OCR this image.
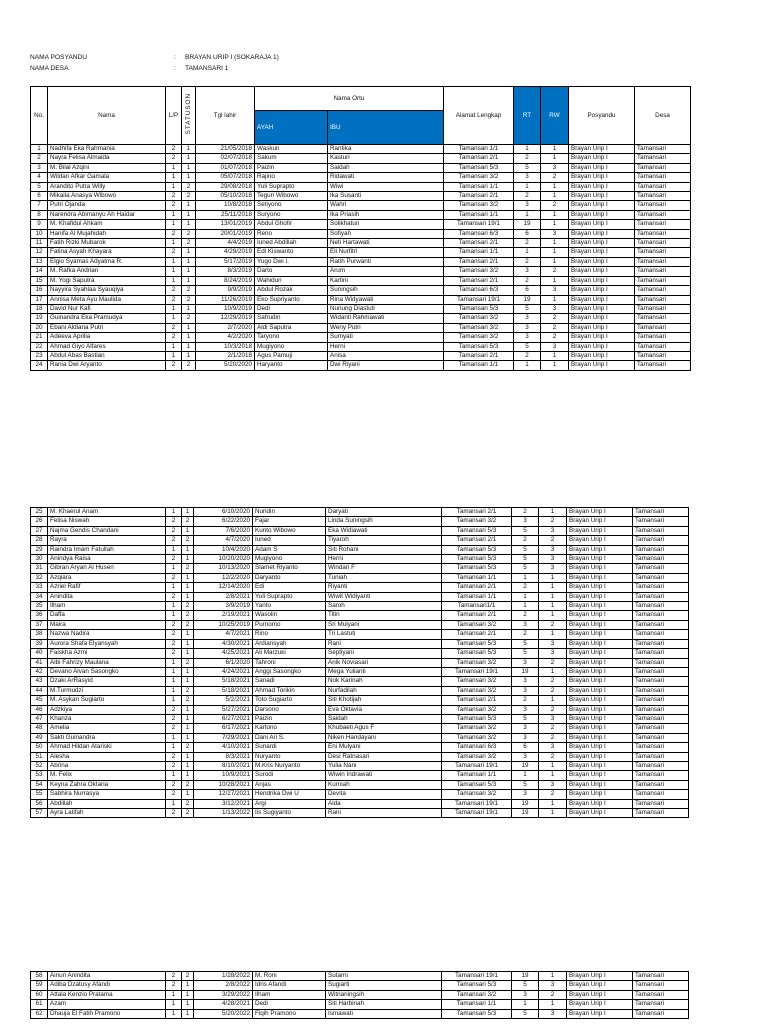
NAMA POSYANDU	: BRAYAN URIP I (SOKARAJA 1)
NAMA DESA	: TAMANSARI 1
No.	Nama	L/P	STATUSON	Tgl lahir	Nama Ortu		Alamat Lengkap	RT	RW	Posyandu	Desa
					AYAH	IBU					
1	Nadhifa Eka Rahmania	2	1	21/05/2018	Waskun	Rantika	Tamansari 1/1	1	1	Brayan Urip I	Tamansari
2	Nayra Felisa Almaida	2	1	02/07/2018	Sakum	Kasturi	Tamansari 2/1	2	1	Brayan Urip I	Tamansari
3	M. Bilal Azqini	1	1	01/07/2018	Paizin	Saidah	Tamansari 5/3	5	3	Brayan Urip I	Tamansari
4	Wildan Afkar Gamala	1	1	05/07/2018	Rajino	Ridawati	Tamansari 3/2	3	2	Brayan Urip I	Tamansari
5	Arandito Putra Willy	1	2	29/08/2018	Yuli Suprapto	Wiwi	Tamansari 1/1	1	1	Brayan Urip I	Tamansari
6	Mikaila Anasya Wibowo	2	2	05/10/2018	Tegun Wibowo	Ika Susanti	Tamansari 2/1	2	1	Brayan Urip I	Tamansari
7	Putri Ojanda	2	1	10/8/2018	Setiyono	Wahri	Tamansari 3/2	3	2	Brayan Urip I	Tamansari
8	Narendra Abimanyu Ah Haidar	1	1	25/11/2018	Suryono	Ika Priasih	Tamansari 1/1	1	1	Brayan Urip I	Tamansari
9	M. Khafidul Ahkam	1	1	13/01/2019	Abdul Ghofir	Solikhatun	Tamansari 19/1	19	1	Brayan Urip I	Tamansari
10	Hanifa Al Mujahidah	2	2	20/01/2019	Reno	Sofiyah	Tamansari 6/3	6	3	Brayan Urip I	Tamansari
11	Fatih Rizki Mubarok	1	2	4/4/2019	Iuned Abdillah	Neti Hartawati	Tamansari 2/1	2	1	Brayan Urip I	Tamansari
12	Fatina Asyah Khayara	2	1	4/29/2019	Edi Kiswanto	Eli Nurfitri	Tamansari 1/1	1	1	Brayan Urip I	Tamansari
13	Elgio Syamas Adyatma R.	1	1	5/17/2019	Yugo Dwi I.	Ratih Purwanti	Tamansari 2/1	2	1	Brayan Urip I	Tamansari
14	M. Rafka Andrian	1	1	8/3/2019	Darto	Arum	Tamansari 3/2	3	2	Brayan Urip I	Tamansari
15	M. Yogi Saputra	1	1	8/24/2019	Wahidun	Kartini	Tamansari 2/1	2	1	Brayan Urip I	Tamansari
16	Nayyira Syahlaa Syauqiya	2	2	9/9/2019	Abdul Rozak	Suningsih	Tamansari 6/3	6	3	Brayan Urip I	Tamansari
17	Annisa Meta Ayu Maulida	2	2	11/26/2019	Eko Supriyanto	Rina Widyawati	Tamansari 19/1	19	1	Brayan Urip I	Tamansari
18	David Nur Kafi	1	1	10/9/2019	Dedi	Nunung Diastuti	Tamansari 5/3	5	3	Brayan Urip I	Tamansari
19	Guinandra Eka Pramudya	1	2	12/29/2019	Safrudin	Widanti Rahmawati	Tamansari 3/2	3	2	Brayan Urip I	Tamansari
20	Ebani Aldiana Putri	2	1	2/7/2020	Aldi Saputra	Weny Putri	Tamansari 3/2	3	2	Brayan Urip I	Tamansari
21	Adeeva Aprilia	2	1	4/2/2020	Taryono	Sumyati	Tamansari 3/2	3	2	Brayan Urip I	Tamansari
22	Ahmad Giyo Alfares	1	1	10/3/2018	Mugiyono	Herni	Tamansari 5/3	5	3	Brayan Urip I	Tamansari
23	Abdul Abas Bastian	1	1	2/1/2018	Agus Pamuji	Anisa	Tamansari 2/1	2	1	Brayan Urip I	Tamansari
24	Rania Dwi Aryanto	2	2	5/20/2020	Haryanto	Dwi Riyani	Tamansari 1/1	1	1	Brayan Urip I	Tamansari
25	M. Khaerul Anam	1	1	6/10/2020	Nuridin	Daryati	Tamansari 2/1	2	1	Brayan Urip I	Tamansari
26	Felisa Niswah	2	2	6/22/2020	Fajar	Linda Suningsih	Tamansari 3/2	3	2	Brayan Urip I	Tamansari
27	Najma Gendis Chandani	2	1	7/6/2020	Kunto Wibowo	Eka Widiawati	Tamansari 5/3	5	3	Brayan Urip I	Tamansari
28	Rayra	2	2	4/7/2020	Iuned	Tiyaroh	Tamansari 2/1	2	2	Brayan Urip I	Tamansari
29	Raindra Imam Fatullah	1	1	10/4/2020	Adam S	Siti Rohani	Tamansari 5/3	5	3	Brayan Urip I	Tamansari
30	Anindya Raisa	2	1	10/20/2020	Mugiyono	Herni	Tamansari 5/3	5	3	Brayan Urip I	Tamansari
31	Gibran Aryan Al Husen	1	2	10/13/2020	Slamet Riyanto	Windari F	Tamansari 5/3	5	3	Brayan Urip I	Tamansari
32	Azqiara	2	1	12/2/2020	Daryanto	Tuniah	Tamansari 1/1	1	1	Brayan Urip I	Tamansari
33	Azriel Rafif	1	1	12/14/2020	Edi	Riyanti	Tamansari 2/1	2	1	Brayan Urip I	Tamansari
34	Anindita	2	1	2/8/2021	Yuli Suprapto	Wiwit Widiyanti	Tamansari 1/1	1	1	Brayan Urip I	Tamansari
35	Ilham	1	2	3/9/2019	Yanto	Saroh	Tamansari1/1	1	1	Brayan Urip I	Tamansari
36	Daffa	1	2	2/19/2021	Wasolin	Titin	Tamansari 2/1	2	1	Brayan Urip I	Tamansari
37	Maira	2	2	10/25/2019	Purnomo	Sri Mulyani	Tamansari 3/2	3	2	Brayan Urip I	Tamansari
38	Nazwa Nadira	2	1	4/7/2021	Rino	Tri Lastuti	Tamansari 2/1	2	1	Brayan Urip I	Tamansari
39	Aurora Shafa Elyansyah	2	1	4/30/2021	Ardiansyah	Rani	Tamansari 5/3	5	3	Brayan Urip I	Tamansari
40	Faiskha Azmi	2	1	4/25/2021	Ali Marzuki	Septiyani	Tamansari 5/3	5	3	Brayan Urip I	Tamansari
41	Albi Fahrizy Maulana	1	2	6/1/2020	Tahroni	Anik Noviasari	Tamansari 3/2	3	2	Brayan Urip I	Tamansari
42	Devano Alvan Sasongko	1	1	4/24/2021	Anggi Sasongko	Mega Yulianti	Tamansari 19/1	19	1	Brayan Urip I	Tamansari
43	Dzaki ArRasyid	1	1	5/18/2021	Sanadi	Nok Karinah	Tamansari 3/2	3	2	Brayan Urip I	Tamansari
44	M.Turmudzi	1	2	5/18/2021	Ahmad Torikin	Nurfadilah	Tamansari 3/2	3	2	Brayan Urip I	Tamansari
45	M. Asykan Sugiarto	1	2	5/2/2021	Toto Sugiarto	Siti Khotijah	Tamansari 2/1	2	1	Brayan Urip I	Tamansari
46	Adzkiya	2	1	5/27/2021	Darsono	Eva Oktavia	Tamansari 3/2	3	2	Brayan Urip I	Tamansari
47	Khanza	2	1	6/27/2021	Paizin	Saidah	Tamansari 5/3	5	3	Brayan Urip I	Tamansari
48	Amelia	2	1	6/17/2021	Kartono	Khubaeti Agus F	Tamansari 3/2	3	2	Brayan Urip I	Tamansari
49	Sakti Guinandra	1	1	7/29/2021	Dani Ari S.	Niken Handayani	Tamansari 3/2	3	2	Brayan Urip I	Tamansari
50	Ahmad Hildan Atariski	1	2	4/10/2021	Sunardi	Eni Mulyani	Tamansari 6/3	6	3	Brayan Urip I	Tamansari
51	Alesha	2	1	8/3/2021	Nuryanto	Desi Ratnasari	Tamansari 3/2	3	2	Brayan Urip I	Tamansari
52	Abrina	2	1	8/10/2021	M.Kris Nuryanto	Yulia Nani	Tamansari 19/1	19	1	Brayan Urip I	Tamansari
53	M. Felix	1	1	10/9/2021	Surodi	Wiwin Indrawati	Tamansari 1/1	1	1	Brayan Urip I	Tamansari
54	Keyna Zahra Oktaria	2	2	10/28/2021	Anjas	Kurniah	Tamansari 5/3	5	3	Brayan Urip I	Tamansari
55	Sabhira Nurrasya	2	1	12/27/2021	Hendrika Dwi U	Devita	Tamansari 3/2	3	2	Brayan Urip I	Tamansari
56	Abdillah	1	2	3/12/2021	Argi	Aida	Tamansari 19/1	19	1	Brayan Urip I	Tamansari
57	Ayra Latifah	2	2	1/13/2022	Iis Sugiyanto	Rani	Tamansari 19/1	19	1	Brayan Urip I	Tamansari
58	Ainun Anindita	2	2	1/28/2022	M. Roni	Sutarni	Tamansari 19/1	19	1	Brayan Urip I	Tamansari
59	Adiba Dzatusy Afandi	2	1	2/8/2022	Idris Afandi	Sugiarti	Tamansari 5/3	5	3	Brayan Urip I	Tamansari
60	Attala Kenzio Pratama	1	1	3/29/2022	Ilham	Witrianingsih	Tamansari 3/2	3	2	Brayan Urip I	Tamansari
61	Azam	1	1	4/28/2021	Dedi	Siti Harbinah	Tamansari 1/1	1	1	Brayan Urip I	Tamansari
62	Dhauja El Fatih Pramono	1	1	5/20/2022	Fiqih Pramono	Ismawati	Tamansari 5/3	5	3	Brayan Urip I	Tamansari
